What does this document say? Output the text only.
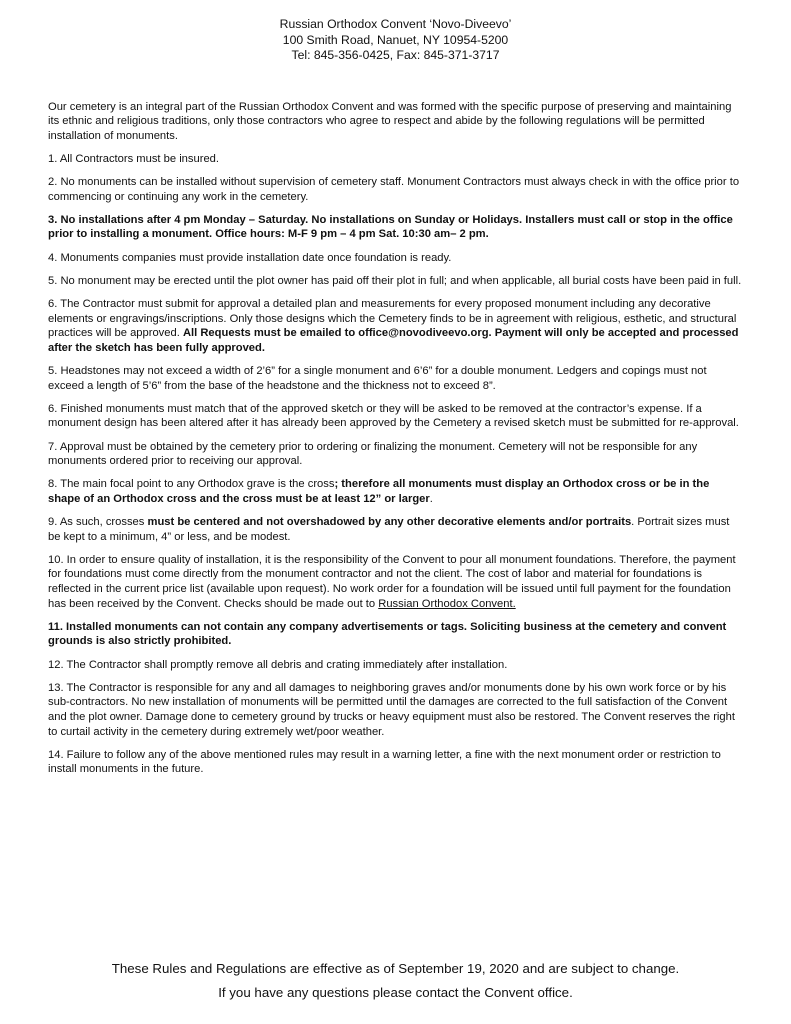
Russian Orthodox Convent ‘Novo-Diveevo’
100 Smith Road, Nanuet, NY 10954-5200
Tel: 845-356-0425, Fax: 845-371-3717

Our cemetery is an integral part of the Russian Orthodox Convent and was formed with the specific purpose of preserving and maintaining its ethnic and religious traditions, only those contractors who agree to respect and abide by the following regulations will be permitted installation of monuments.

1. All Contractors must be insured.

2. No monuments can be installed without supervision of cemetery staff. Monument Contractors must always check in with the office prior to commencing or continuing any work in the cemetery.

3. No installations after 4 pm Monday – Saturday. No installations on Sunday or Holidays. Installers must call or stop in the office prior to installing a monument. Office hours: M-F 9 pm – 4 pm Sat. 10:30 am– 2 pm.

4. Monuments companies must provide installation date once foundation is ready.

5. No monument may be erected until the plot owner has paid off their plot in full; and when applicable, all burial costs have been paid in full.

6. The Contractor must submit for approval a detailed plan and measurements for every proposed monument including any decorative elements or engravings/inscriptions. Only those designs which the Cemetery finds to be in agreement with religious, esthetic, and structural practices will be approved. All Requests must be emailed to office@novodiveevo.org. Payment will only be accepted and processed after the sketch has been fully approved.

5. Headstones may not exceed a width of 2’6” for a single monument and 6’6” for a double monument. Ledgers and copings must not exceed a length of 5’6” from the base of the headstone and the thickness not to exceed 8”.

6. Finished monuments must match that of the approved sketch or they will be asked to be removed at the contractor’s expense. If a monument design has been altered after it has already been approved by the Cemetery a revised sketch must be submitted for re-approval.

7. Approval must be obtained by the cemetery prior to ordering or finalizing the monument. Cemetery will not be responsible for any monuments ordered prior to receiving our approval.

8. The main focal point to any Orthodox grave is the cross; therefore all monuments must display an Orthodox cross or be in the shape of an Orthodox cross and the cross must be at least 12” or larger.

9. As such, crosses must be centered and not overshadowed by any other decorative elements and/or portraits. Portrait sizes must be kept to a minimum, 4” or less, and be modest.

10. In order to ensure quality of installation, it is the responsibility of the Convent to pour all monument foundations. Therefore, the payment for foundations must come directly from the monument contractor and not the client. The cost of labor and material for foundations is reflected in the current price list (available upon request). No work order for a foundation will be issued until full payment for the foundation has been received by the Convent. Checks should be made out to Russian Orthodox Convent.

11. Installed monuments can not contain any company advertisements or tags. Soliciting business at the cemetery and convent grounds is also strictly prohibited.

12. The Contractor shall promptly remove all debris and crating immediately after installation.

13. The Contractor is responsible for any and all damages to neighboring graves and/or monuments done by his own work force or by his sub-contractors. No new installation of monuments will be permitted until the damages are corrected to the full satisfaction of the Convent and the plot owner. Damage done to cemetery ground by trucks or heavy equipment must also be restored. The Convent reserves the right to curtail activity in the cemetery during extremely wet/poor weather.

14. Failure to follow any of the above mentioned rules may result in a warning letter, a fine with the next monument order or restriction to install monuments in the future.

These Rules and Regulations are effective as of September 19, 2020 and are subject to change.
If you have any questions please contact the Convent office.
